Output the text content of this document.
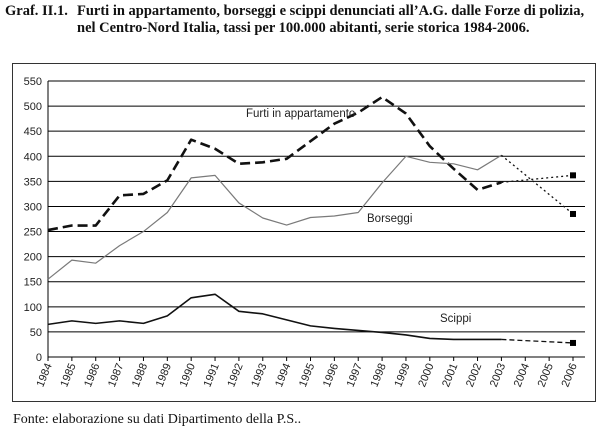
Graf. II.1. Furti in appartamento, borseggi e scippi denunciati all’A.G. dalle Forze di polizia, nel Centro-Nord Italia, tassi per 100.000 abitanti, serie storica 1984-2006.
0
50
100
150
200
250
300
350
400
450
500
550
1984 1985 1986 1987 1988 1989 1990 1991 1992 1993 1994 1995 1996 1997 1998 1999 2000 2001 2002 2003 2004 2005 2006
Furti in appartamento
Borseggi
Scippi
Fonte: elaborazione su dati Dipartimento della P.S..
